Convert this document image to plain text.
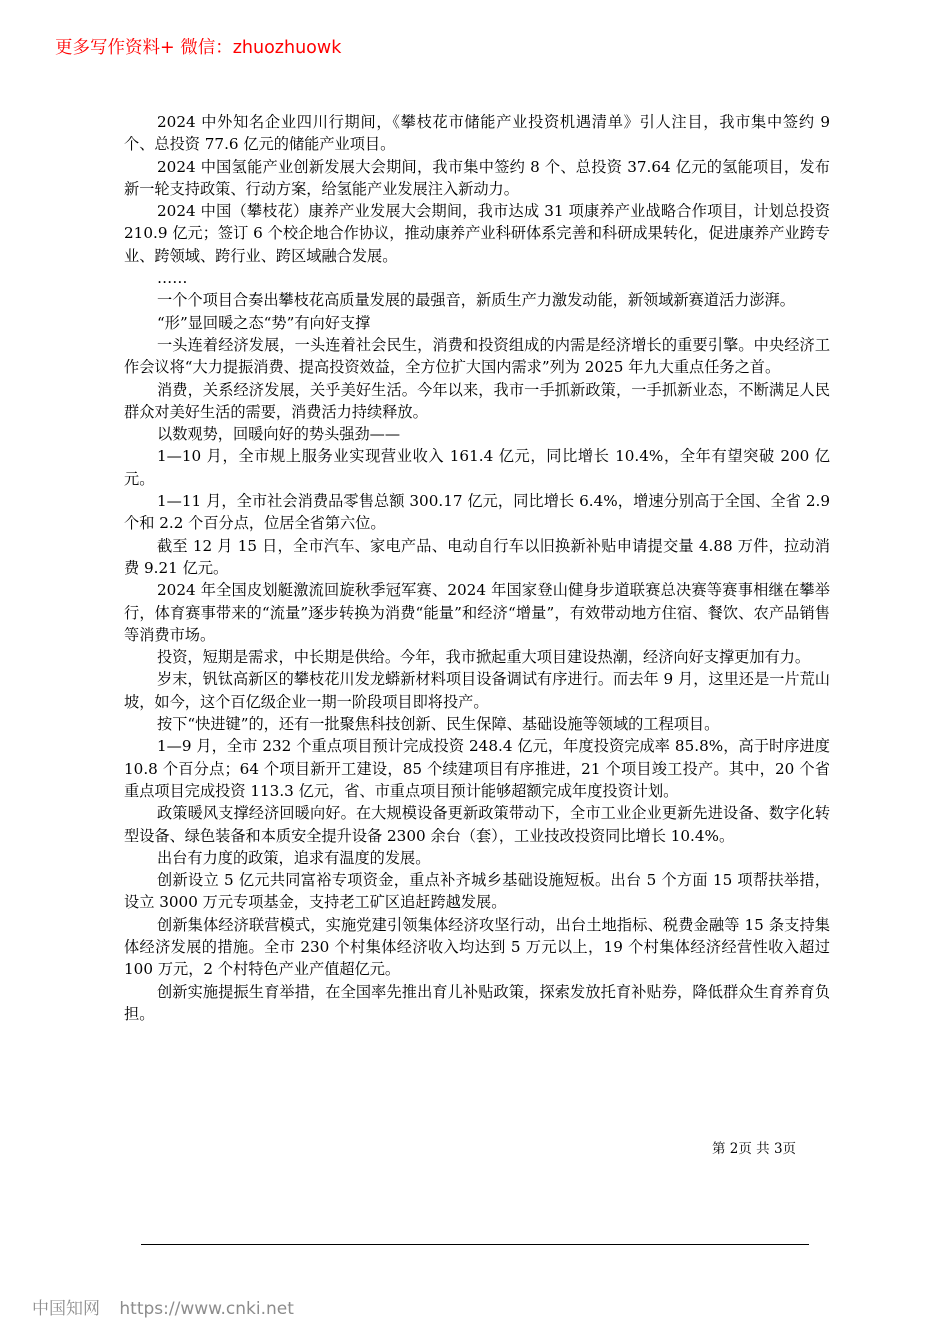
更多写作资料+ 微信：zhuozhuowk

2024 中外知名企业四川行期间，《攀枝花市储能产业投资机遇清单》引人注目，我市集中签约 9 个、总投资 77.6 亿元的储能产业项目。

2024 中国氢能产业创新发展大会期间，我市集中签约 8 个、总投资 37.64 亿元的氢能项目，发布新一轮支持政策、行动方案，给氢能产业发展注入新动力。

2024 中国（攀枝花）康养产业发展大会期间，我市达成 31 项康养产业战略合作项目，计划总投资 210.9 亿元；签订 6 个校企地合作协议，推动康养产业科研体系完善和科研成果转化，促进康养产业跨专业、跨领域、跨行业、跨区域融合发展。

……

一个个项目合奏出攀枝花高质量发展的最强音，新质生产力激发动能，新领域新赛道活力澎湃。

“形”显回暖之态“势”有向好支撑

一头连着经济发展，一头连着社会民生，消费和投资组成的内需是经济增长的重要引擎。中央经济工作会议将“大力提振消费、提高投资效益，全方位扩大国内需求”列为 2025 年九大重点任务之首。

消费，关系经济发展，关乎美好生活。今年以来，我市一手抓新政策，一手抓新业态，不断满足人民群众对美好生活的需要，消费活力持续释放。

以数观势，回暖向好的势头强劲——

1—10 月，全市规上服务业实现营业收入 161.4 亿元，同比增长 10.4%，全年有望突破 200 亿元。

1—11 月，全市社会消费品零售总额 300.17 亿元，同比增长 6.4%，增速分别高于全国、全省 2.9 个和 2.2 个百分点，位居全省第六位。

截至 12 月 15 日，全市汽车、家电产品、电动自行车以旧换新补贴申请提交量 4.88 万件，拉动消费 9.21 亿元。

2024 年全国皮划艇激流回旋秋季冠军赛、2024 年国家登山健身步道联赛总决赛等赛事相继在攀举行，体育赛事带来的“流量”逐步转换为消费“能量”和经济“增量”，有效带动地方住宿、餐饮、农产品销售等消费市场。

投资，短期是需求，中长期是供给。今年，我市掀起重大项目建设热潮，经济向好支撑更加有力。

岁末，钒钛高新区的攀枝花川发龙蟒新材料项目设备调试有序进行。而去年 9 月，这里还是一片荒山坡，如今，这个百亿级企业一期一阶段项目即将投产。

按下“快进键”的，还有一批聚焦科技创新、民生保障、基础设施等领域的工程项目。

1—9 月，全市 232 个重点项目预计完成投资 248.4 亿元，年度投资完成率 85.8%，高于时序进度 10.8 个百分点；64 个项目新开工建设，85 个续建项目有序推进，21 个项目竣工投产。其中，20 个省重点项目完成投资 113.3 亿元，省、市重点项目预计能够超额完成年度投资计划。

政策暖风支撑经济回暖向好。在大规模设备更新政策带动下，全市工业企业更新先进设备、数字化转型设备、绿色装备和本质安全提升设备 2300 余台（套），工业技改投资同比增长 10.4%。

出台有力度的政策，追求有温度的发展。

创新设立 5 亿元共同富裕专项资金，重点补齐城乡基础设施短板。出台 5 个方面 15 项帮扶举措，设立 3000 万元专项基金，支持老工矿区追赶跨越发展。

创新集体经济联营模式，实施党建引领集体经济攻坚行动，出台土地指标、税费金融等 15 条支持集体经济发展的措施。全市 230 个村集体经济收入均达到 5 万元以上，19 个村集体经济经营性收入超过 100 万元，2 个村特色产业产值超亿元。

创新实施提振生育举措，在全国率先推出育儿补贴政策，探索发放托育补贴券，降低群众生育养育负担。

第 2页 共 3页
中国知网 https://www.cnki.net
